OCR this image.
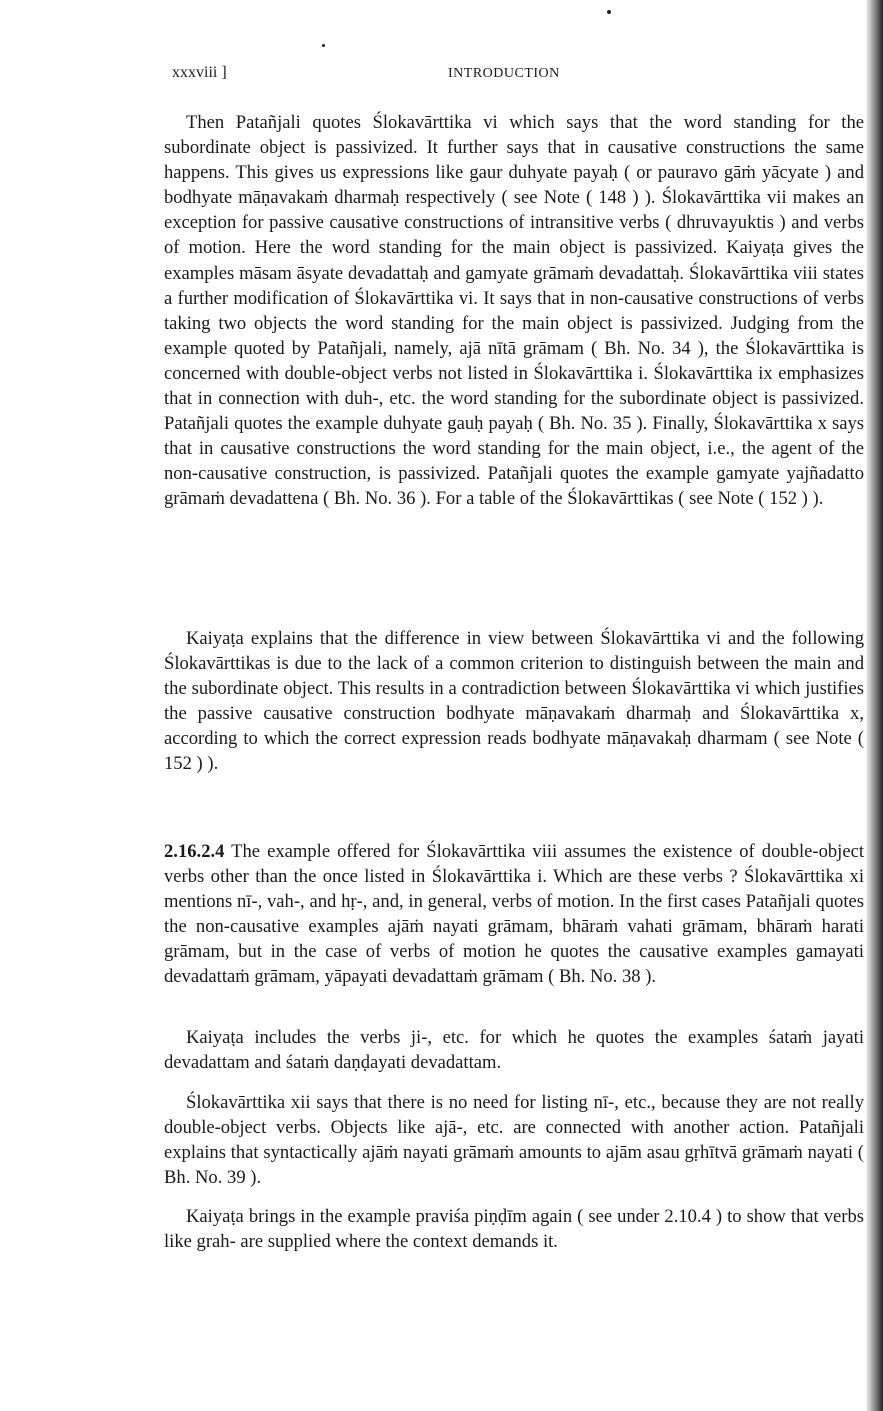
xxxviii ]	INTRODUCTION

Then Patañjali quotes Ślokavārttika vi which says that the word standing for the subordinate object is passivized. It further says that in causative constructions the same happens. This gives us expressions like gaur duhyate payaḥ ( or pauravo gāṁ yācyate ) and bodhyate māṇavakaṁ dharmaḥ respectively ( see Note ( 148 ) ). Ślokavārttika vii makes an exception for passive causative constructions of intransitive verbs ( dhruvayuktis ) and verbs of motion. Here the word standing for the main object is passivized. Kaiyaṭa gives the examples māsam āsyate devadattaḥ and gamyate grāmaṁ devadattaḥ. Ślokavārttika viii states a further modification of Ślokavārttika vi. It says that in non-causative constructions of verbs taking two objects the word standing for the main object is passivized. Judging from the example quoted by Patañjali, namely, ajā nītā grāmam ( Bh. No. 34 ), the Ślokavārttika is concerned with double-object verbs not listed in Ślokavārttika i. Ślokavārttika ix emphasizes that in connection with duh-, etc. the word standing for the subordinate object is passivized. Patañjali quotes the example duhyate gauḥ payaḥ ( Bh. No. 35 ). Finally, Ślokavārttika x says that in causative constructions the word standing for the main object, i.e., the agent of the non-causative construction, is passivized. Patañjali quotes the example gamyate yajñadatto grāmaṁ devadattena ( Bh. No. 36 ). For a table of the Ślokavārttikas ( see Note ( 152 ) ).

Kaiyaṭa explains that the difference in view between Ślokavārttika vi and the following Ślokavārttikas is due to the lack of a common criterion to distinguish between the main and the subordinate object. This results in a contradiction between Ślokavārttika vi which justifies the passive causative construction bodhyate māṇavakaṁ dharmaḥ and Ślokavārttika x, according to which the correct expression reads bodhyate māṇavakaḥ dharmam ( see Note ( 152 ) ).

2.16.2.4 The example offered for Ślokavārttika viii assumes the existence of double-object verbs other than the once listed in Ślokavārttika i. Which are these verbs ? Ślokavārttika xi mentions nī-, vah-, and hṛ-, and, in general, verbs of motion. In the first cases Patañjali quotes the non-causative examples ajāṁ nayati grāmam, bhāraṁ vahati grāmam, bhāraṁ harati grāmam, but in the case of verbs of motion he quotes the causative examples gamayati devadattaṁ grāmam, yāpayati devadattaṁ grāmam ( Bh. No. 38 ).

Kaiyaṭa includes the verbs ji-, etc. for which he quotes the examples śataṁ jayati devadattam and śataṁ daṇḍayati devadattam.

Ślokavārttika xii says that there is no need for listing nī-, etc., because they are not really double-object verbs. Objects like ajā-, etc. are connected with another action. Patañjali explains that syntactically ajāṁ nayati grāmaṁ amounts to ajām asau gṛhītvā grāmaṁ nayati ( Bh. No. 39 ).

Kaiyaṭa brings in the example praviśa piṇḍīm again ( see under 2.10.4 ) to show that verbs like grah- are supplied where the context demands it.
